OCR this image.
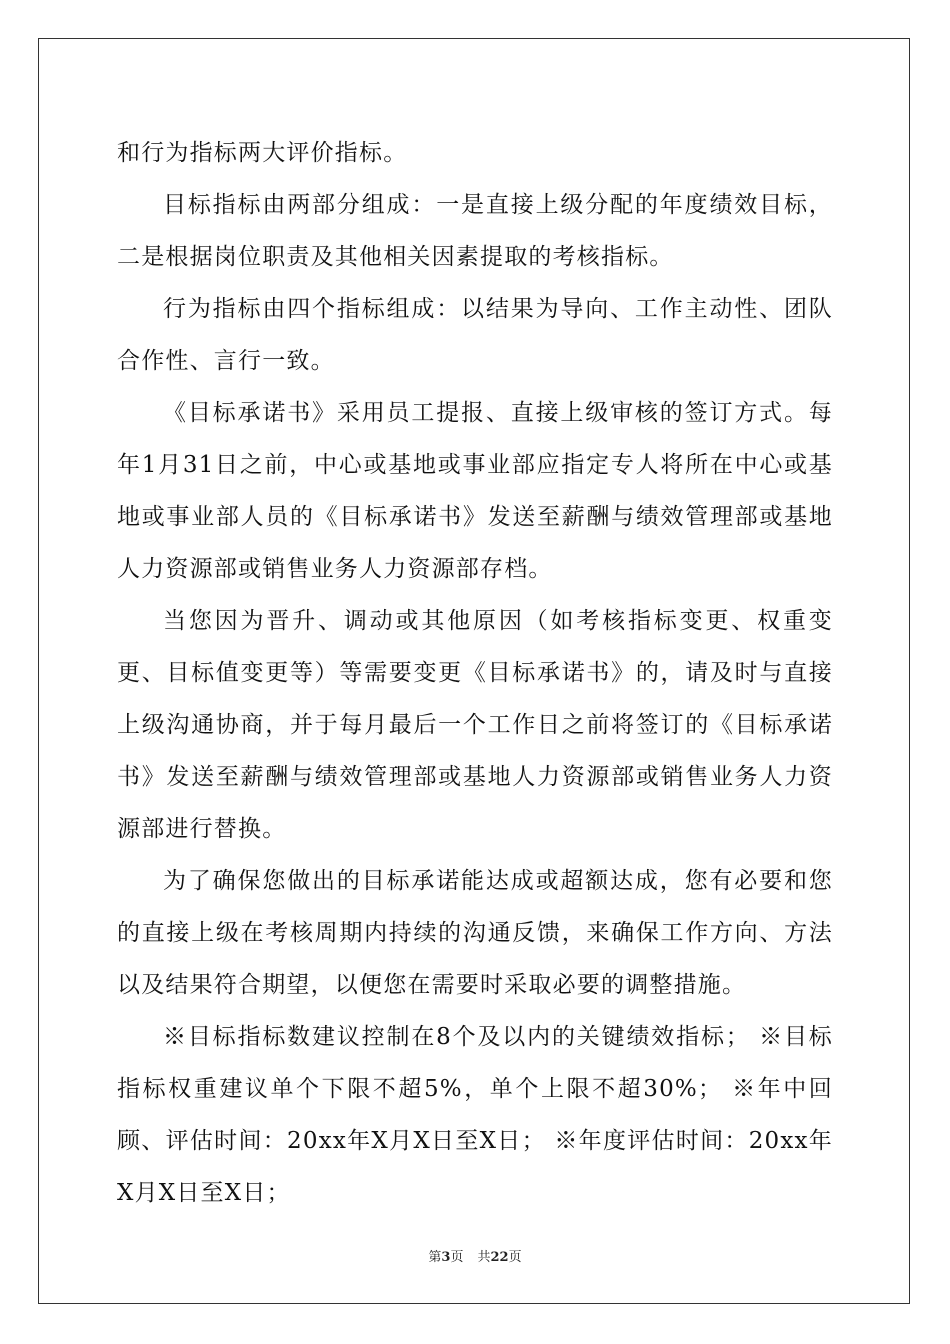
和行为指标两大评价指标。

目标指标由两部分组成：一是直接上级分配的年度绩效目标，二是根据岗位职责及其他相关因素提取的考核指标。

行为指标由四个指标组成：以结果为导向、工作主动性、团队合作性、言行一致。

《目标承诺书》采用员工提报、直接上级审核的签订方式。每年1月31日之前，中心或基地或事业部应指定专人将所在中心或基地或事业部人员的《目标承诺书》发送至薪酬与绩效管理部或基地人力资源部或销售业务人力资源部存档。

当您因为晋升、调动或其他原因（如考核指标变更、权重变更、目标值变更等）等需要变更《目标承诺书》的，请及时与直接上级沟通协商，并于每月最后一个工作日之前将签订的《目标承诺书》发送至薪酬与绩效管理部或基地人力资源部或销售业务人力资源部进行替换。

为了确保您做出的目标承诺能达成或超额达成，您有必要和您的直接上级在考核周期内持续的沟通反馈，来确保工作方向、方法以及结果符合期望，以便您在需要时采取必要的调整措施。

※目标指标数建议控制在8个及以内的关键绩效指标； ※目标指标权重建议单个下限不超5%，单个上限不超30%； ※年中回顾、评估时间：20xx年X月X日至X日； ※年度评估时间：20xx年X月X日至X日；

第3页 共22页
